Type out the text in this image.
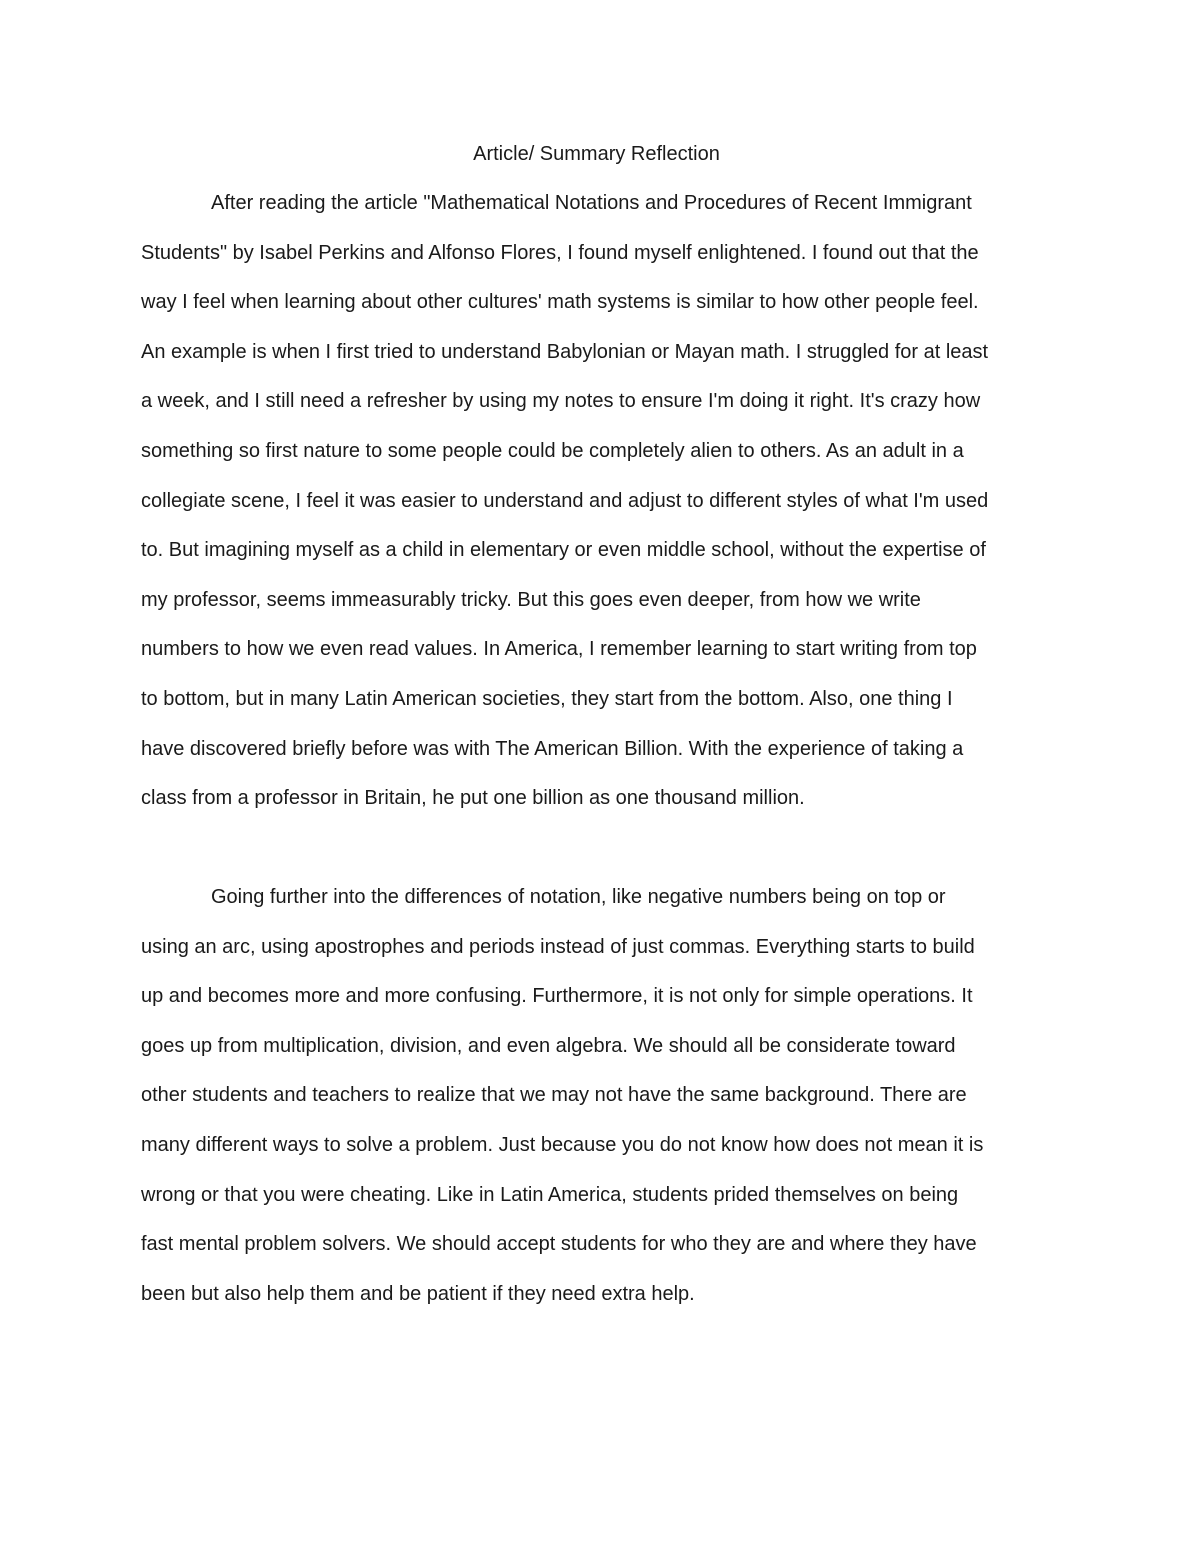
Article/ Summary Reflection

After reading the article "Mathematical Notations and Procedures of Recent Immigrant
Students" by Isabel Perkins and Alfonso Flores, I found myself enlightened. I found out that the
way I feel when learning about other cultures' math systems is similar to how other people feel.
An example is when I first tried to understand Babylonian or Mayan math. I struggled for at least
a week, and I still need a refresher by using my notes to ensure I'm doing it right. It's crazy how
something so first nature to some people could be completely alien to others. As an adult in a
collegiate scene, I feel it was easier to understand and adjust to different styles of what I'm used
to. But imagining myself as a child in elementary or even middle school, without the expertise of
my professor, seems immeasurably tricky. But this goes even deeper, from how we write
numbers to how we even read values. In America, I remember learning to start writing from top
to bottom, but in many Latin American societies, they start from the bottom. Also, one thing I
have discovered briefly before was with The American Billion. With the experience of taking a
class from a professor in Britain, he put one billion as one thousand million.

Going further into the differences of notation, like negative numbers being on top or
using an arc, using apostrophes and periods instead of just commas. Everything starts to build
up and becomes more and more confusing. Furthermore, it is not only for simple operations. It
goes up from multiplication, division, and even algebra. We should all be considerate toward
other students and teachers to realize that we may not have the same background. There are
many different ways to solve a problem. Just because you do not know how does not mean it is
wrong or that you were cheating. Like in Latin America, students prided themselves on being
fast mental problem solvers. We should accept students for who they are and where they have
been but also help them and be patient if they need extra help.
